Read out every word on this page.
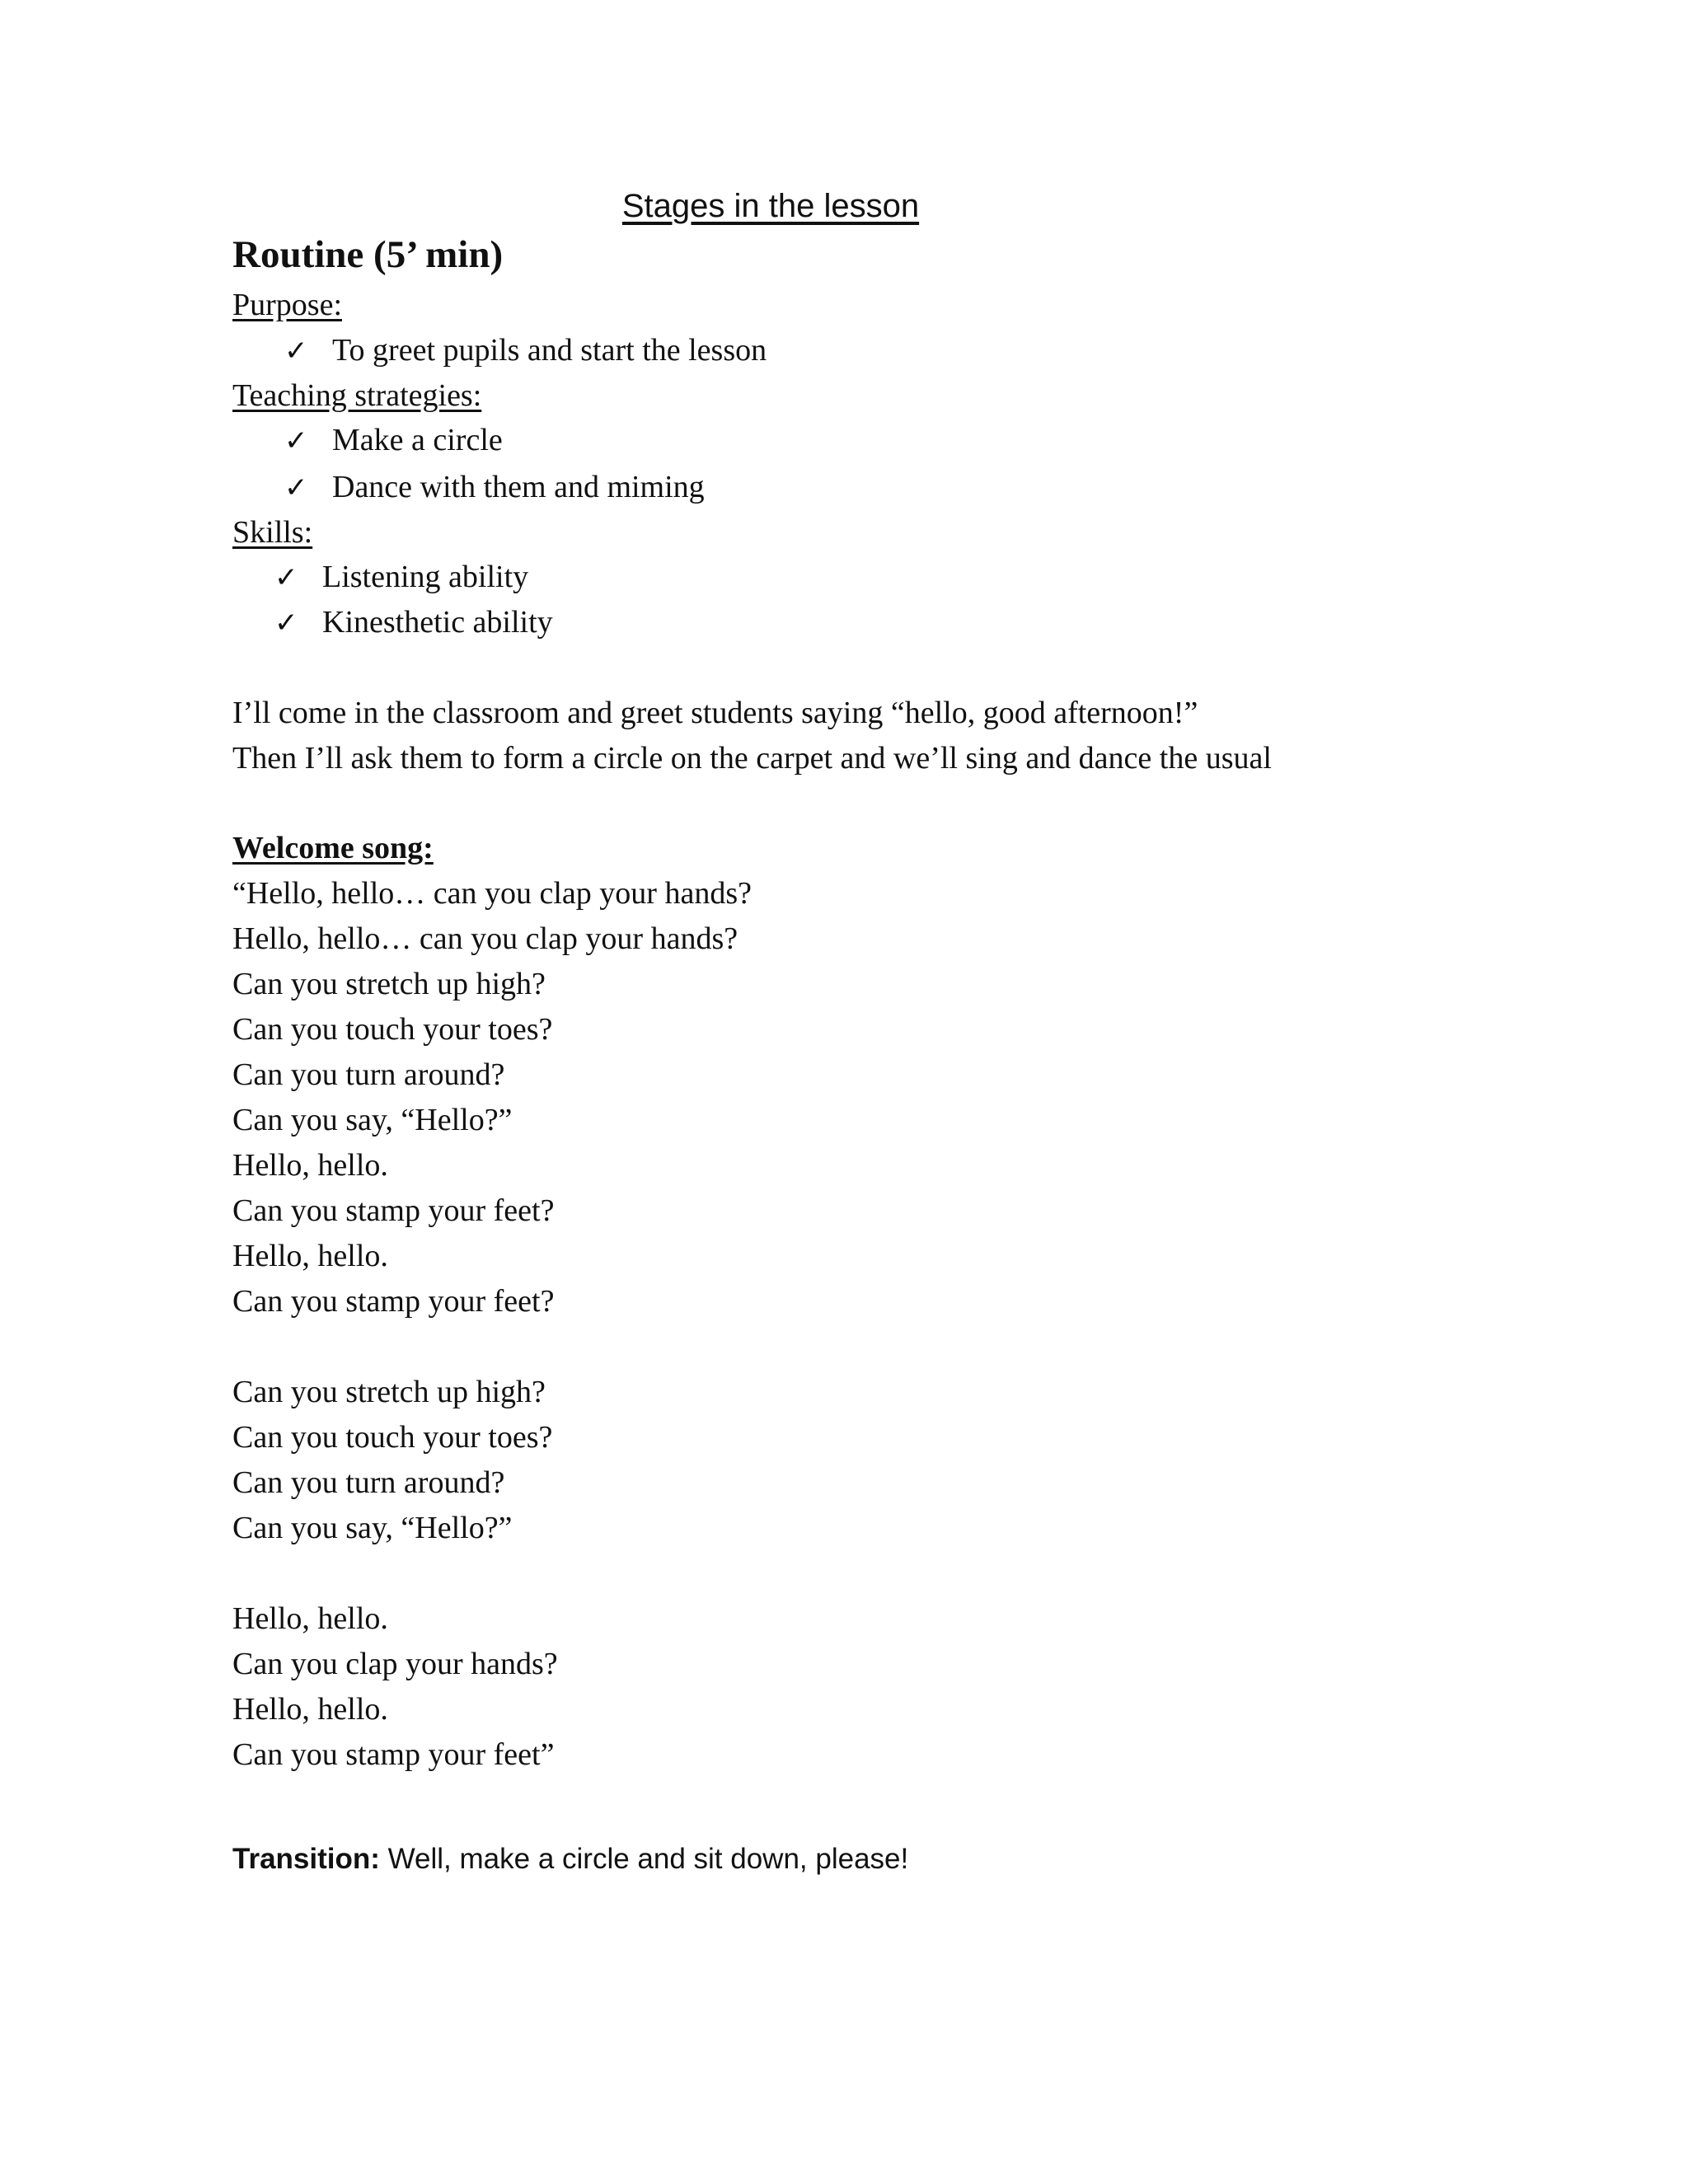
Stages in the lesson
Routine (5’ min)
Purpose:
✓ To greet pupils and start the lesson
Teaching strategies:
✓ Make a circle
✓ Dance with them and miming
Skills:
✓ Listening ability
✓ Kinesthetic ability
I’ll come in the classroom and greet students saying “hello, good afternoon!”
Then I’ll ask them to form a circle on the carpet and we’ll sing and dance the usual
Welcome song:
“Hello, hello… can you clap your hands?
Hello, hello… can you clap your hands?
Can you stretch up high?
Can you touch your toes?
Can you turn around?
Can you say, “Hello?”
Hello, hello.
Can you stamp your feet?
Hello, hello.
Can you stamp your feet?
Can you stretch up high?
Can you touch your toes?
Can you turn around?
Can you say, “Hello?”
Hello, hello.
Can you clap your hands?
Hello, hello.
Can you stamp your feet”
Transition: Well, make a circle and sit down, please!
